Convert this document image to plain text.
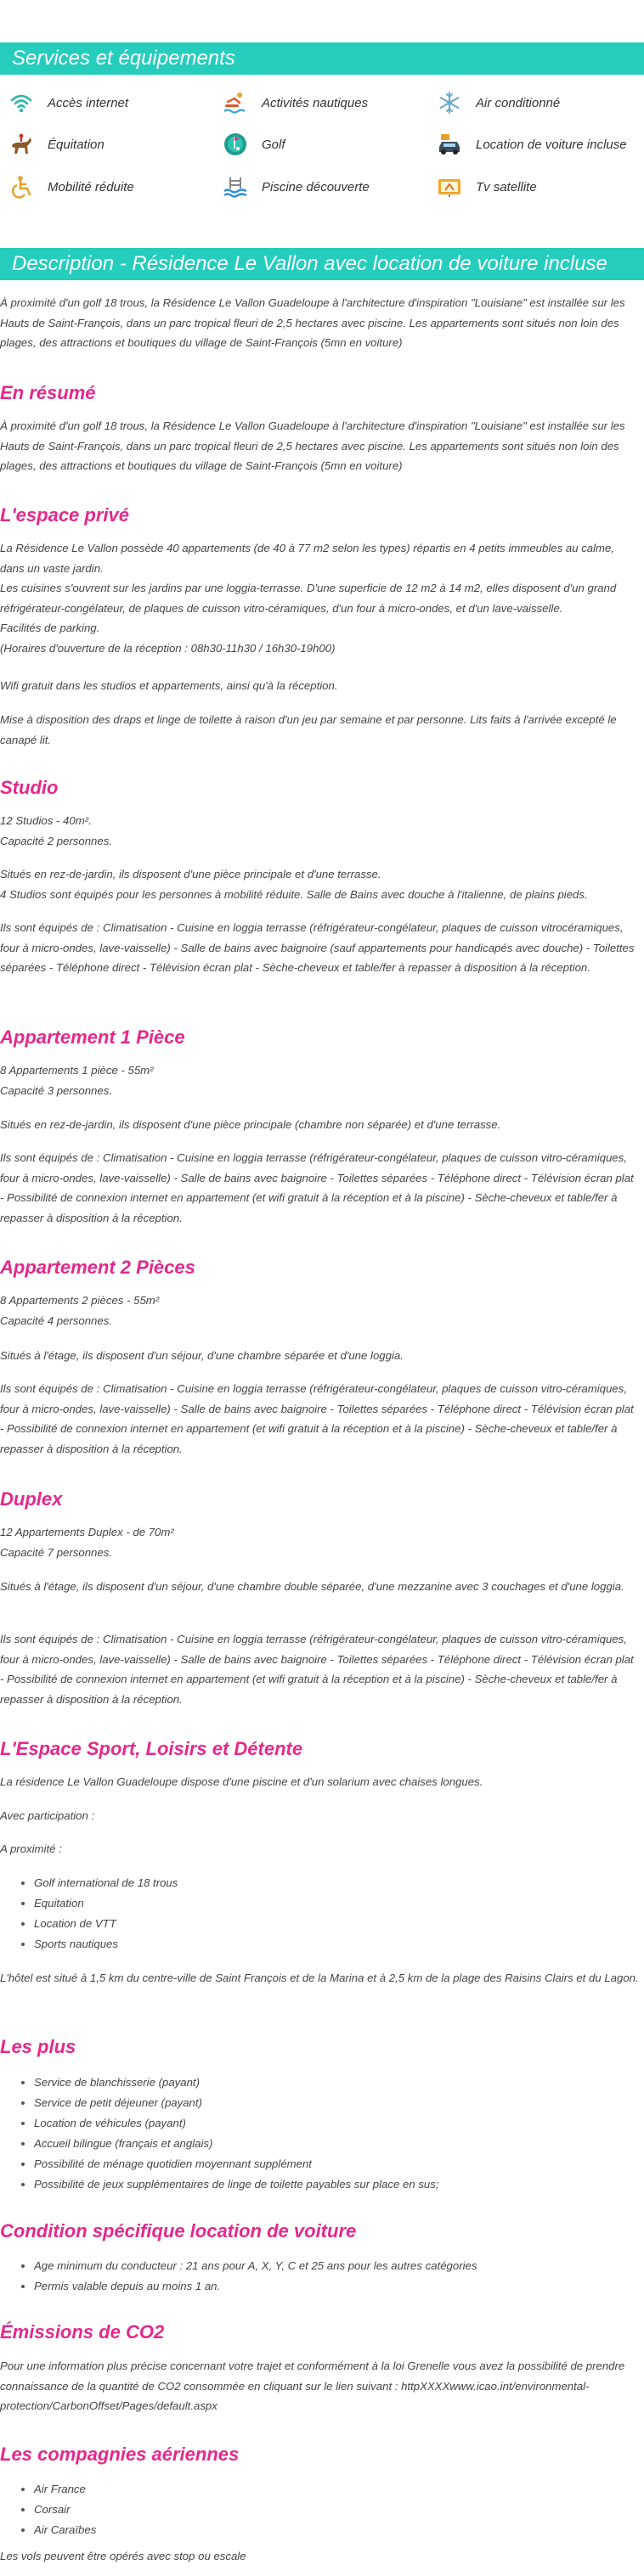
Services et équipements
Accès internet	Activités nautiques	Air conditionné
Équitation	Golf	Location de voiture incluse
Mobilité réduite	Piscine découverte	Tv satellite
Description - Résidence Le Vallon avec location de voiture incluse

À proximité d'un golf 18 trous, la Résidence Le Vallon Guadeloupe à l'architecture d'inspiration "Louisiane" est installée sur les Hauts de Saint-François, dans un parc tropical fleuri de 2,5 hectares avec piscine. Les appartements sont situés non loin des plages, des attractions et boutiques du village de Saint-François (5mn en voiture)

En résumé

À proximité d'un golf 18 trous, la Résidence Le Vallon Guadeloupe à l'architecture d'inspiration "Louisiane" est installée sur les Hauts de Saint-François, dans un parc tropical fleuri de 2,5 hectares avec piscine. Les appartements sont situés non loin des plages, des attractions et boutiques du village de Saint-François (5mn en voiture)

L'espace privé

La Résidence Le Vallon possède 40 appartements (de 40 à 77 m2 selon les types) répartis en 4 petits immeubles au calme, dans un vaste jardin.
Les cuisines s'ouvrent sur les jardins par une loggia-terrasse. D'une superficie de 12 m2 à 14 m2, elles disposent d'un grand réfrigérateur-congélateur, de plaques de cuisson vitro-céramiques, d'un four à micro-ondes, et d'un lave-vaisselle.
Facilités de parking.
(Horaires d'ouverture de la réception : 08h30-11h30 / 16h30-19h00)

Wifi gratuit dans les studios et appartements, ainsi qu'à la réception.

Mise à disposition des draps et linge de toilette à raison d'un jeu par semaine et par personne. Lits faits à l'arrivée excepté le canapé lit.

Studio

12 Studios - 40m².
Capacité 2 personnes.

Situés en rez-de-jardin, ils disposent d'une pièce principale et d'une terrasse.
4 Studios sont équipés pour les personnes à mobilité réduite. Salle de Bains avec douche à l'italienne, de plains pieds.

Ils sont équipés de : Climatisation - Cuisine en loggia terrasse (réfrigérateur-congélateur, plaques de cuisson vitrocéramiques, four à micro-ondes, lave-vaisselle) - Salle de bains avec baignoire (sauf appartements pour handicapés avec douche) - Toilettes séparées - Téléphone direct - Télévision écran plat - Sèche-cheveux et table/fer à repasser à disposition à la réception.

Appartement 1 Pièce

8 Appartements 1 pièce - 55m²
Capacité 3 personnes.

Situés en rez-de-jardin, ils disposent d'une pièce principale (chambre non séparée) et d'une terrasse.

Ils sont équipés de : Climatisation - Cuisine en loggia terrasse (réfrigérateur-congélateur, plaques de cuisson vitro-céramiques, four à micro-ondes, lave-vaisselle) - Salle de bains avec baignoire - Toilettes séparées - Téléphone direct - Télévision écran plat - Possibilité de connexion internet en appartement (et wifi gratuit à la réception et à la piscine) - Sèche-cheveux et table/fer à repasser à disposition à la réception.

Appartement 2 Pièces

8 Appartements 2 pièces - 55m²
Capacité 4 personnes.

Situés à l'étage, ils disposent d'un séjour, d'une chambre séparée et d'une loggia.

Ils sont équipés de : Climatisation - Cuisine en loggia terrasse (réfrigérateur-congélateur, plaques de cuisson vitro-céramiques, four à micro-ondes, lave-vaisselle) - Salle de bains avec baignoire - Toilettes séparées - Téléphone direct - Télévision écran plat - Possibilité de connexion internet en appartement (et wifi gratuit à la réception et à la piscine) - Sèche-cheveux et table/fer à repasser à disposition à la réception.

Duplex

12 Appartements Duplex - de 70m²
Capacité 7 personnes.

Situés à l'étage, ils disposent d'un séjour, d'une chambre double séparée, d'une mezzanine avec 3 couchages et d'une loggia.

Ils sont équipés de : Climatisation - Cuisine en loggia terrasse (réfrigérateur-congélateur, plaques de cuisson vitro-céramiques, four à micro-ondes, lave-vaisselle) - Salle de bains avec baignoire - Toilettes séparées - Téléphone direct - Télévision écran plat - Possibilité de connexion internet en appartement (et wifi gratuit à la réception et à la piscine) - Sèche-cheveux et table/fer à repasser à disposition à la réception.

L'Espace Sport, Loisirs et Détente

La résidence Le Vallon Guadeloupe dispose d'une piscine et d'un solarium avec chaises longues.

Avec participation :

A proximité :

• Golf international de 18 trous
• Equitation
• Location de VTT
• Sports nautiques

L'hôtel est situé à 1,5 km du centre-ville de Saint François et de la Marina et à 2,5 km de la plage des Raisins Clairs et du Lagon.

Les plus
• Service de blanchisserie (payant)
• Service de petit déjeuner (payant)
• Location de véhicules (payant)
• Accueil bilingue (français et anglais)
• Possibilité de ménage quotidien moyennant supplément
• Possibilité de jeux supplémentaires de linge de toilette payables sur place en sus;
Condition spécifique location de voiture
• Age minimum du conducteur : 21 ans pour A, X, Y, C et 25 ans pour les autres catégories
• Permis valable depuis au moins 1 an.
Émissions de CO2

Pour une information plus précise concernant votre trajet et conformément à la loi Grenelle vous avez la possibilité de prendre connaissance de la quantité de CO2 consommée en cliquant sur le lien suivant : httpXXXXwww.icao.int/environmental-protection/CarbonOffset/Pages/default.aspx

Les compagnies aériennes
• Air France
• Corsair
• Air Caraïbes

Les vols peuvent être opérés avec stop ou escale
